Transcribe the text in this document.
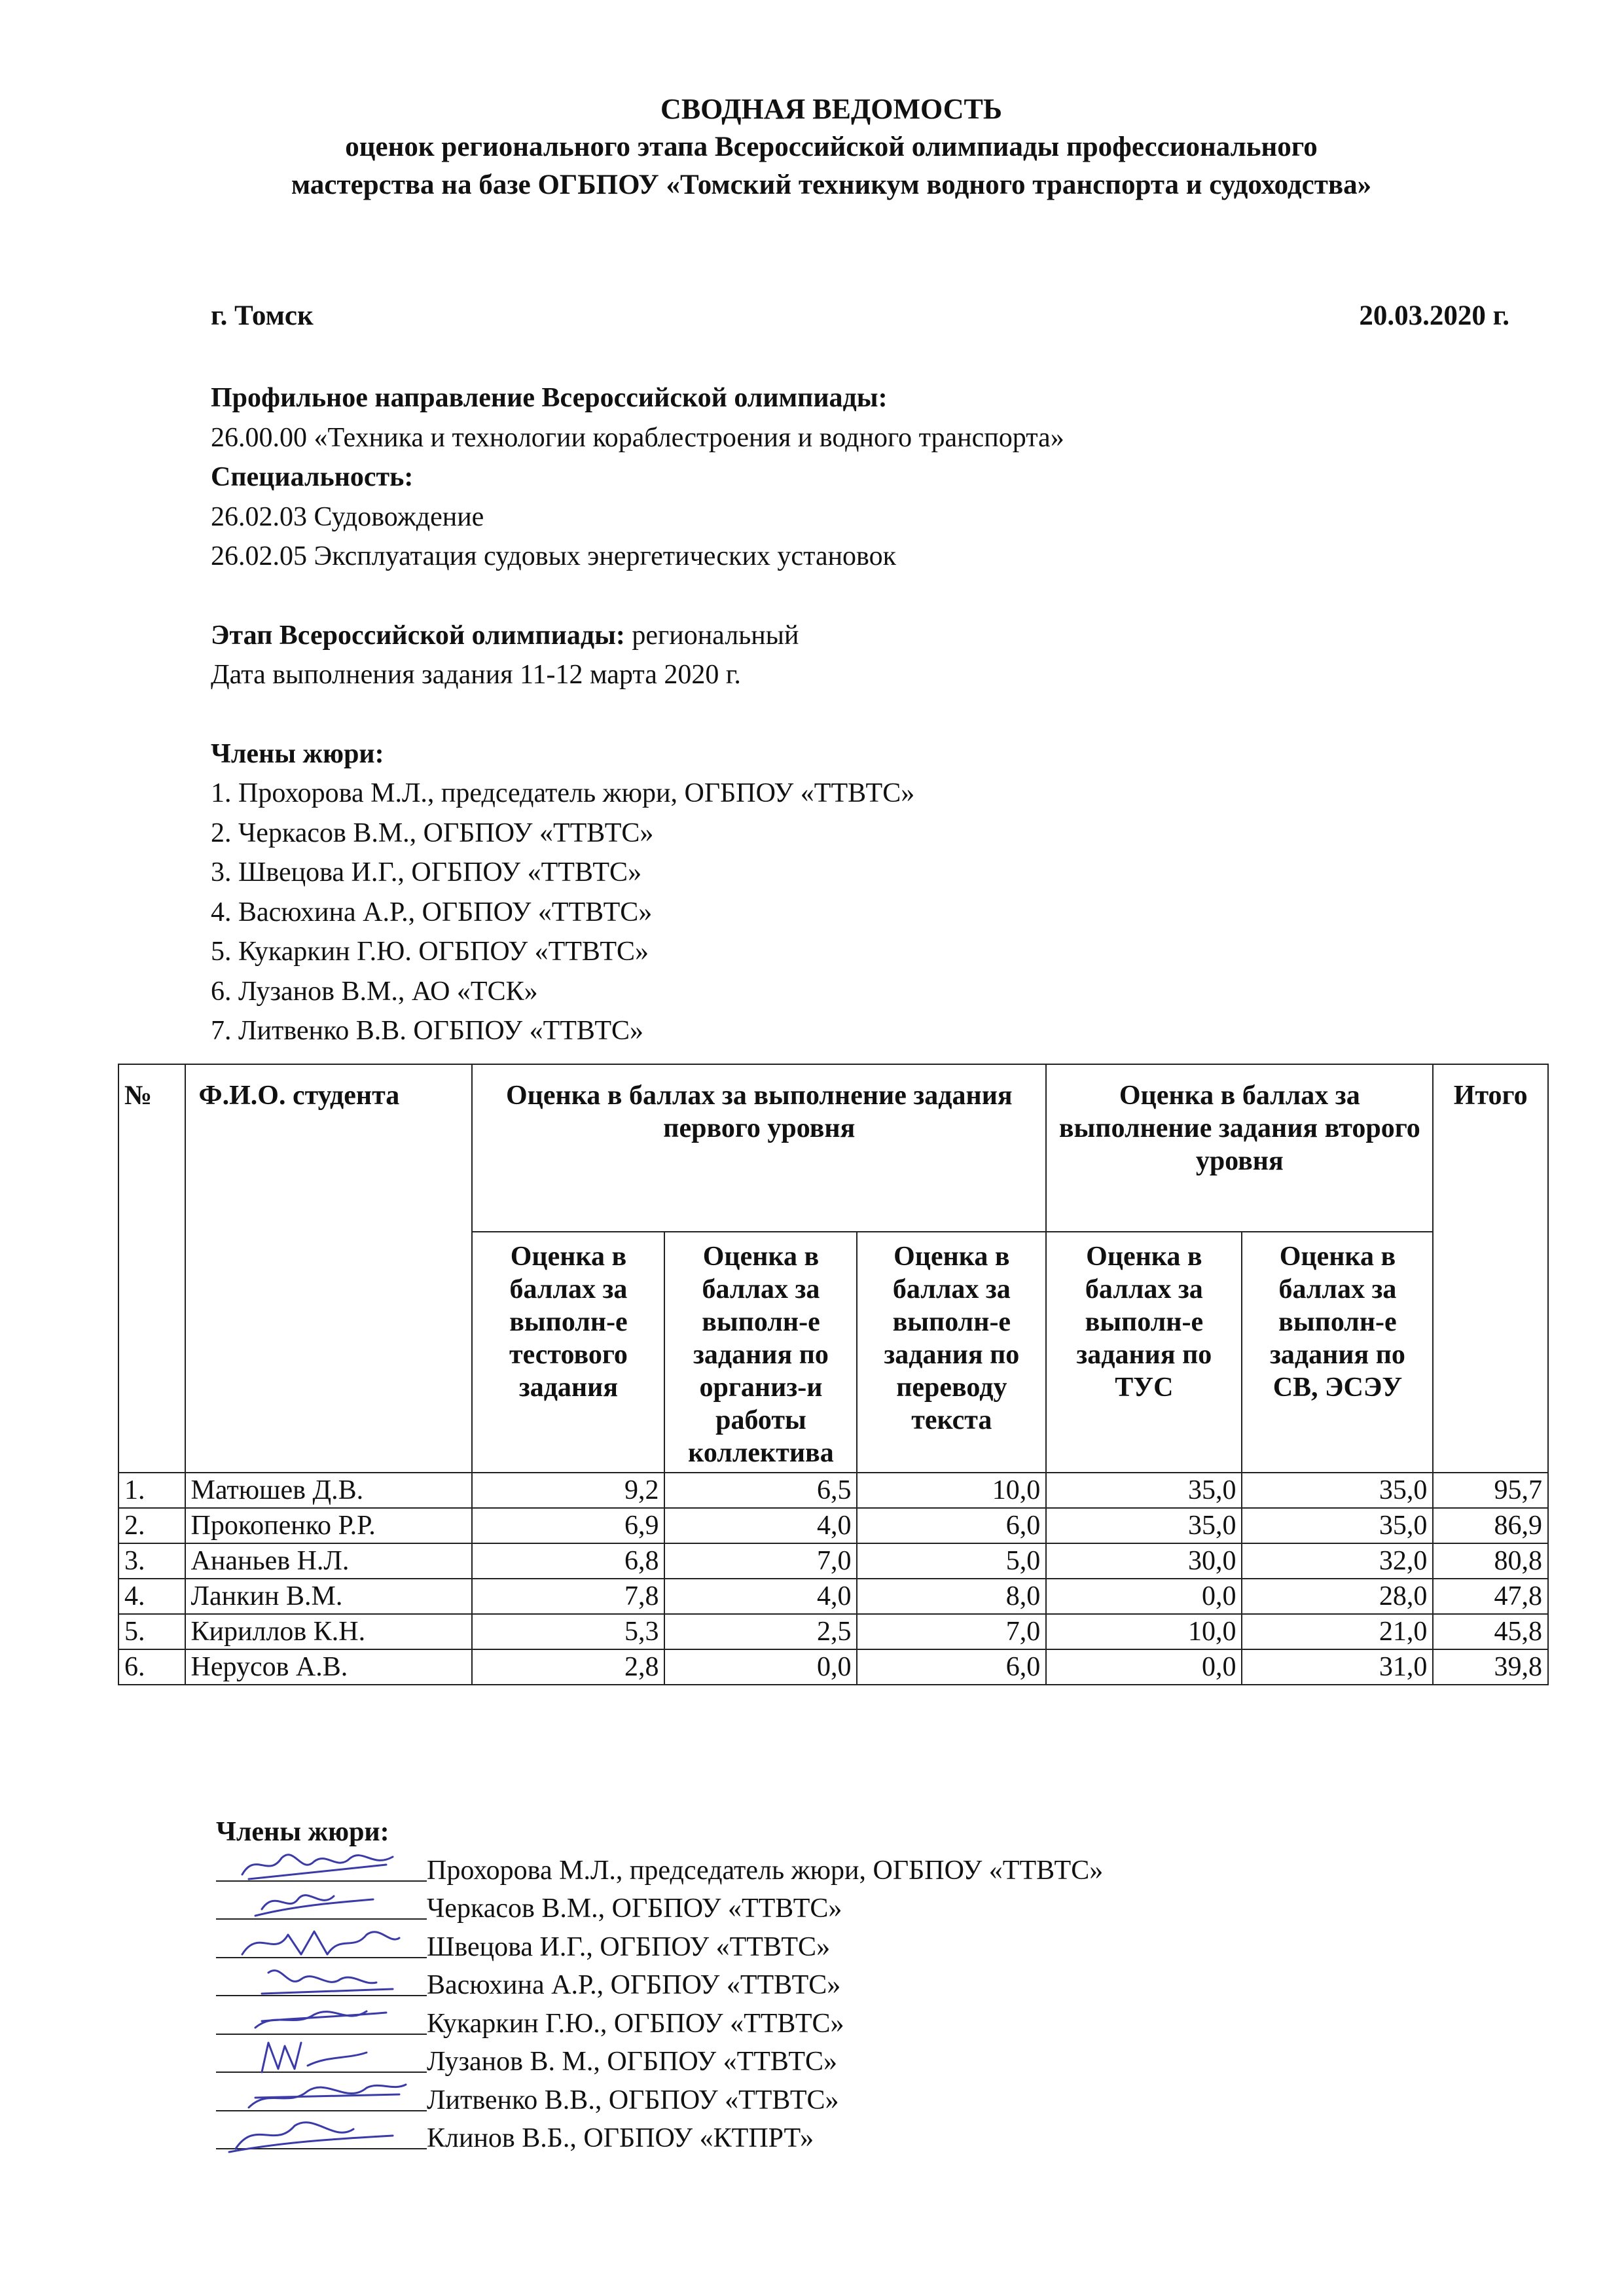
СВОДНАЯ ВЕДОМОСТЬ
оценок регионального этапа Всероссийской олимпиады профессионального
мастерства на базе ОГБПОУ «Томский техникум водного транспорта и судоходства»
г. Томск	20.03.2020 г.
Профильное направление Всероссийской олимпиады:
26.00.00 «Техника и технологии кораблестроения и водного транспорта»
Специальность:
26.02.03 Судовождение
26.02.05 Эксплуатация судовых энергетических установок
Этап Всероссийской олимпиады: региональный
Дата выполнения задания 11-12 марта 2020 г.
Члены жюри:
1. Прохорова М.Л., председатель жюри, ОГБПОУ «ТТВТС»
2. Черкасов В.М., ОГБПОУ «ТТВТС»
3. Швецова И.Г., ОГБПОУ «ТТВТС»
4. Васюхина А.Р., ОГБПОУ «ТТВТС»
5. Кукаркин Г.Ю. ОГБПОУ «ТТВТС»
6. Лузанов В.М., АО «ТСК»
7. Литвенко В.В. ОГБПОУ «ТТВТС»
№	Ф.И.О. студента	Оценка в баллах за выполнение задания первого уровня			Оценка в баллах за выполнение задания второго уровня		Итого
		Оценка в баллах за выполн-е тестового задания	Оценка в баллах за выполн-е задания по организ-и работы коллектива	Оценка в баллах за выполн-е задания по переводу текста	Оценка в баллах за выполн-е задания по ТУС	Оценка в баллах за выполн-е задания по СВ, ЭСЭУ	
1.	Матюшев Д.В.	9,2	6,5	10,0	35,0	35,0	95,7
2.	Прокопенко Р.Р.	6,9	4,0	6,0	35,0	35,0	86,9
3.	Ананьев Н.Л.	6,8	7,0	5,0	30,0	32,0	80,8
4.	Ланкин В.М.	7,8	4,0	8,0	0,0	28,0	47,8
5.	Кириллов К.Н.	5,3	2,5	7,0	10,0	21,0	45,8
6.	Нерусов А.В.	2,8	0,0	6,0	0,0	31,0	39,8
Члены жюри:
Прохорова М.Л., председатель жюри, ОГБПОУ «ТТВТС»
Черкасов В.М., ОГБПОУ «ТТВТС»
Швецова И.Г., ОГБПОУ «ТТВТС»
Васюхина А.Р., ОГБПОУ «ТТВТС»
Кукаркин Г.Ю., ОГБПОУ «ТТВТС»
Лузанов В. М., ОГБПОУ «ТТВТС»
Литвенко В.В., ОГБПОУ «ТТВТС»
Клинов В.Б., ОГБПОУ «КТПРТ»
